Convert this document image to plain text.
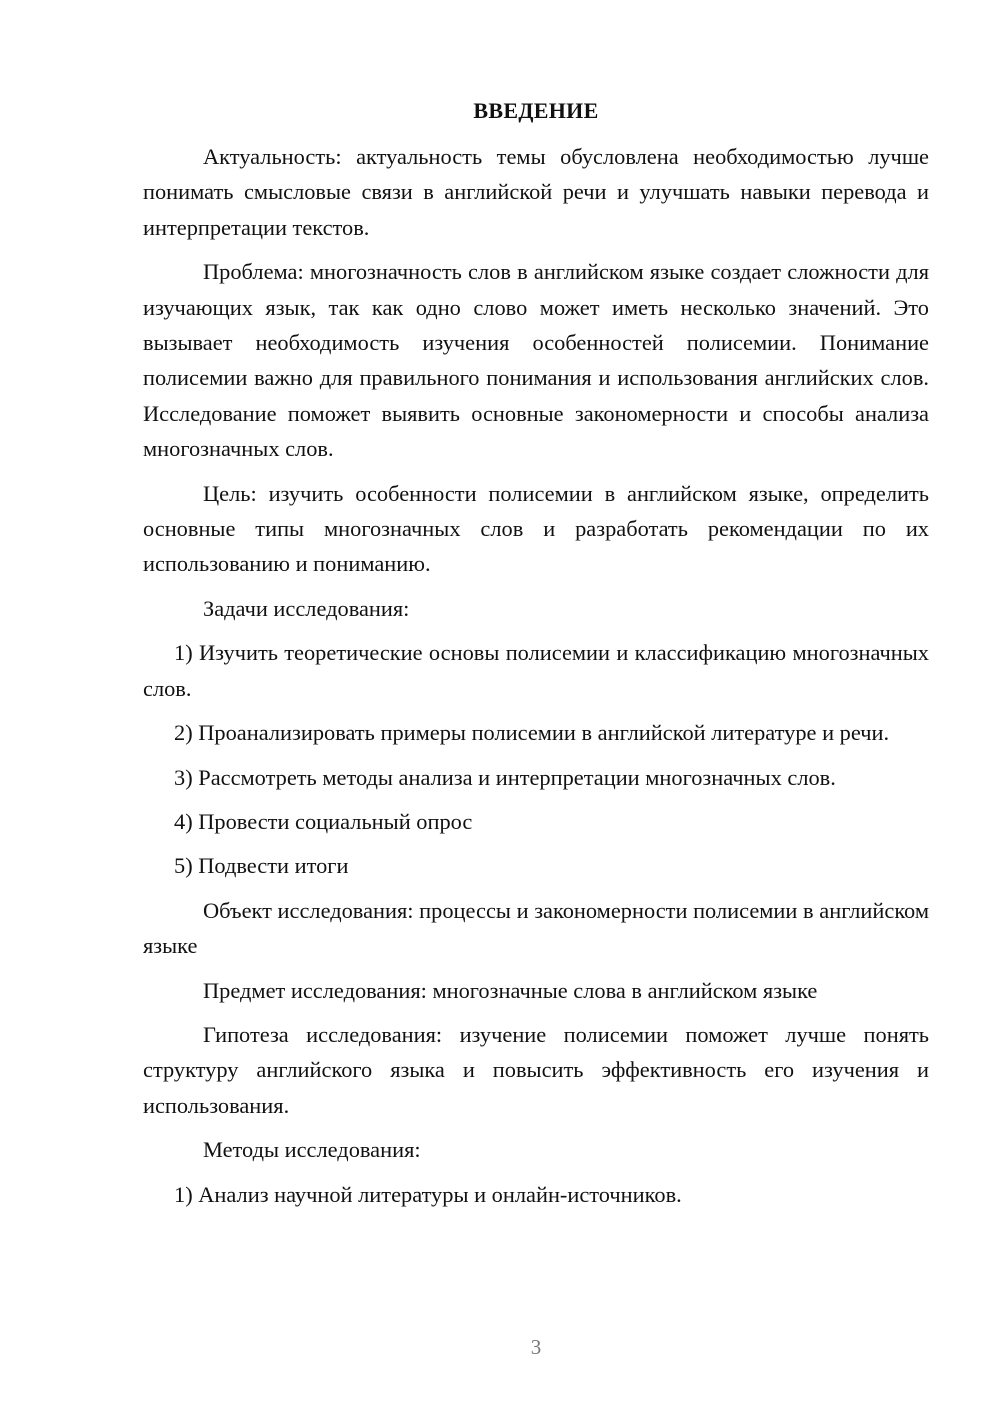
ВВЕДЕНИЕ

Актуальность: актуальность темы обусловлена необходимостью лучше понимать смысловые связи в английской речи и улучшать навыки перевода и интерпретации текстов.

Проблема: многозначность слов в английском языке создает сложности для изучающих язык, так как одно слово может иметь несколько значений. Это вызывает необходимость изучения особенностей полисемии. Понимание полисемии важно для правильного понимания и использования английских слов. Исследование поможет выявить основные закономерности и способы анализа многозначных слов.

Цель: изучить особенности полисемии в английском языке, определить основные типы многозначных слов и разработать рекомендации по их использованию и пониманию.

Задачи исследования:

1) Изучить теоретические основы полисемии и классификацию многозначных слов.

2) Проанализировать примеры полисемии в английской литературе и речи.

3) Рассмотреть методы анализа и интерпретации многозначных слов.

4) Провести социальный опрос

5) Подвести итоги

Объект исследования: процессы и закономерности полисемии в английском языке

Предмет исследования: многозначные слова в английском языке

Гипотеза исследования: изучение полисемии поможет лучше понять структуру английского языка и повысить эффективность его изучения и использования.

Методы исследования:

1) Анализ научной литературы и онлайн-источников.

3
